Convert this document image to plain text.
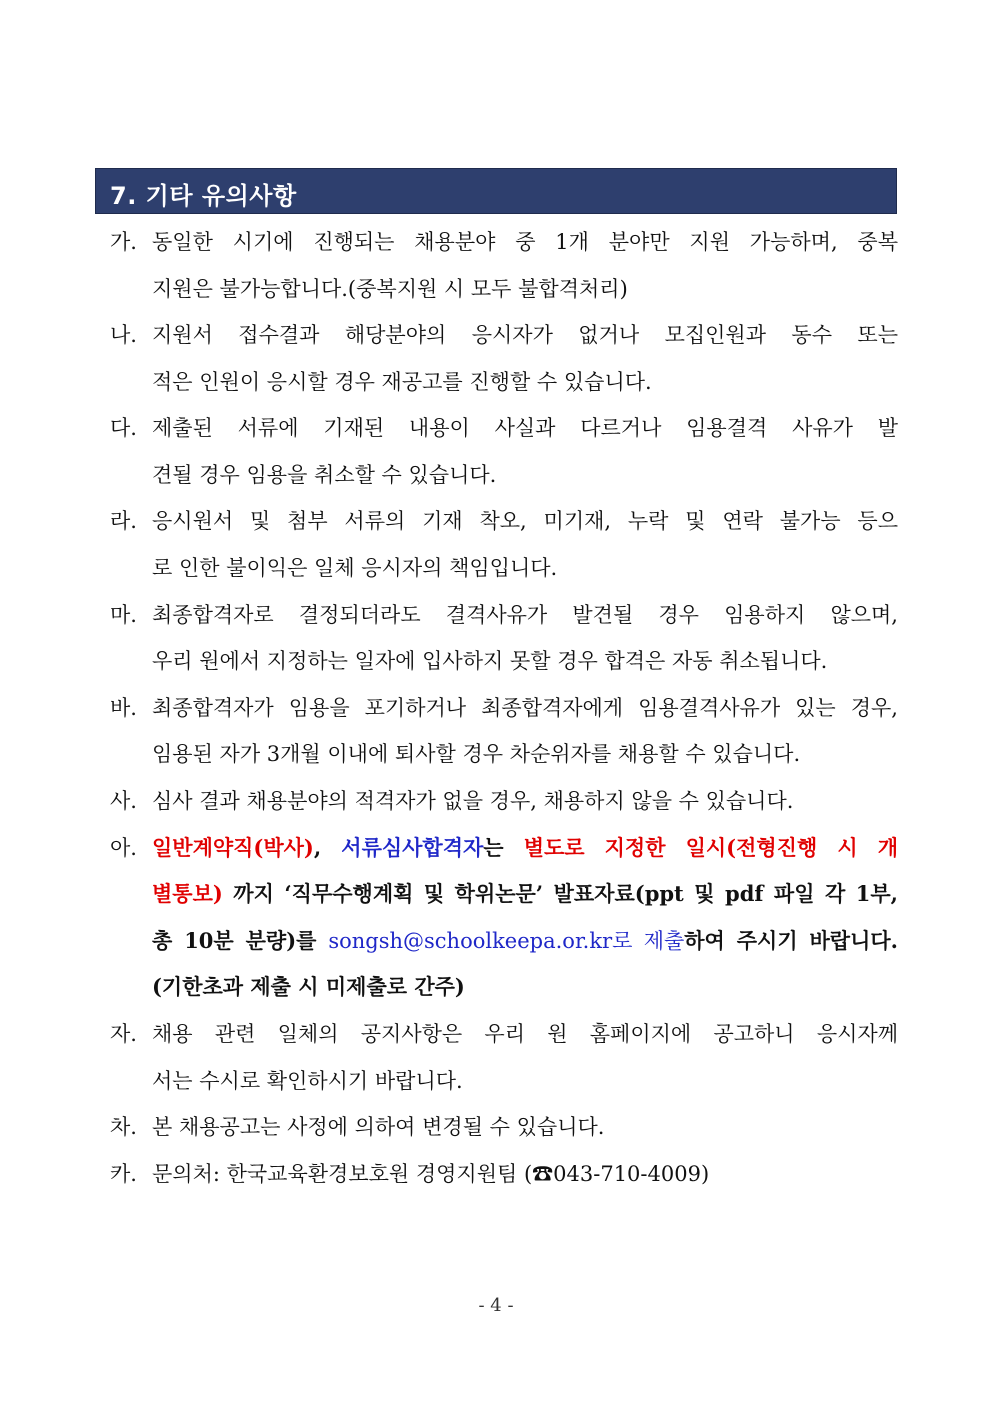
7. 기타 유의사항
가. 동일한 시기에 진행되는 채용분야 중 1개 분야만 지원 가능하며, 중복
지원은 불가능합니다.(중복지원 시 모두 불합격처리)
나. 지원서 접수결과 해당분야의 응시자가 없거나 모집인원과 동수 또는
적은 인원이 응시할 경우 재공고를 진행할 수 있습니다.
다. 제출된 서류에 기재된 내용이 사실과 다르거나 임용결격 사유가 발
견될 경우 임용을 취소할 수 있습니다.
라. 응시원서 및 첨부 서류의 기재 착오, 미기재, 누락 및 연락 불가능 등으
로 인한 불이익은 일체 응시자의 책임입니다.
마. 최종합격자로 결정되더라도 결격사유가 발견될 경우 임용하지 않으며,
우리 원에서 지정하는 일자에 입사하지 못할 경우 합격은 자동 취소됩니다.
바. 최종합격자가 임용을 포기하거나 최종합격자에게 임용결격사유가 있는 경우,
임용된 자가 3개월 이내에 퇴사할 경우 차순위자를 채용할 수 있습니다.
사. 심사 결과 채용분야의 적격자가 없을 경우, 채용하지 않을 수 있습니다.
아. 일반계약직(박사), 서류심사합격자는 별도로 지정한 일시(전형진행 시 개
별통보) 까지 ‘직무수행계획 및 학위논문’ 발표자료(ppt 및 pdf 파일 각 1부,
총 10분 분량)를 songsh@schoolkeepa.or.kr로 제출하여 주시기 바랍니다.
(기한초과 제출 시 미제출로 간주)
자. 채용 관련 일체의 공지사항은 우리 원 홈페이지에 공고하니 응시자께
서는 수시로 확인하시기 바랍니다.
차. 본 채용공고는 사정에 의하여 변경될 수 있습니다.
카. 문의처: 한국교육환경보호원 경영지원팀 (☎043-710-4009)
- 4 -
